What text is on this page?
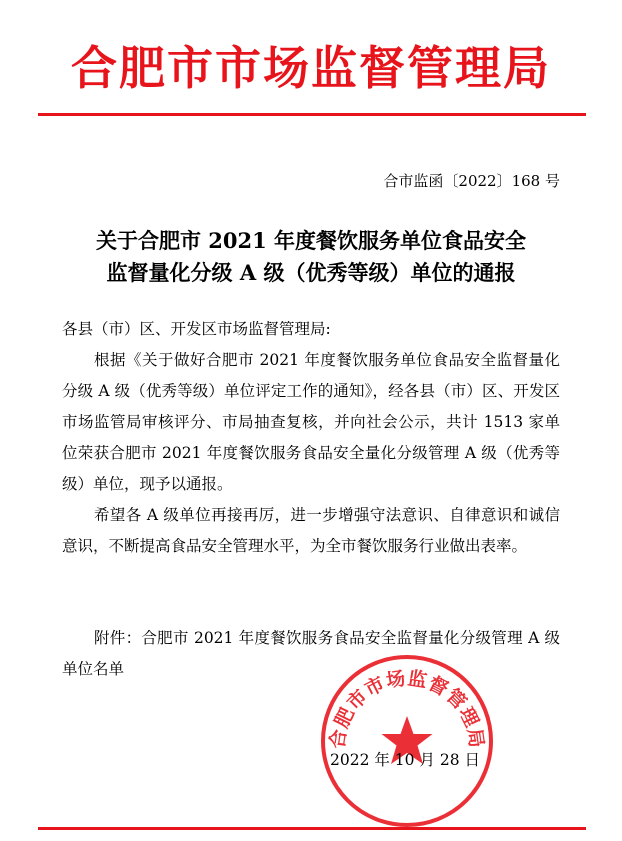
合肥市市场监督管理局
合市监函〔2022〕168 号
关于合肥市 2021 年度餐饮服务单位食品安全
监督量化分级 A 级（优秀等级）单位的通报
各县（市）区、开发区市场监督管理局:
根据《关于做好合肥市 2021 年度餐饮服务单位食品安全监督量化分级 A 级（优秀等级）单位评定工作的通知》，经各县（市）区、开发区市场监管局审核评分、市局抽查复核，并向社会公示，共计 1513 家单位荣获合肥市 2021 年度餐饮服务食品安全量化分级管理 A 级（优秀等级）单位，现予以通报。
希望各 A 级单位再接再厉，进一步增强守法意识、自律意识和诚信意识，不断提高食品安全管理水平，为全市餐饮服务行业做出表率。
附件：合肥市 2021 年度餐饮服务食品安全监督量化分级管理 A 级单位名单
合肥市市场监督管理局
2022 年 10 月 28 日
